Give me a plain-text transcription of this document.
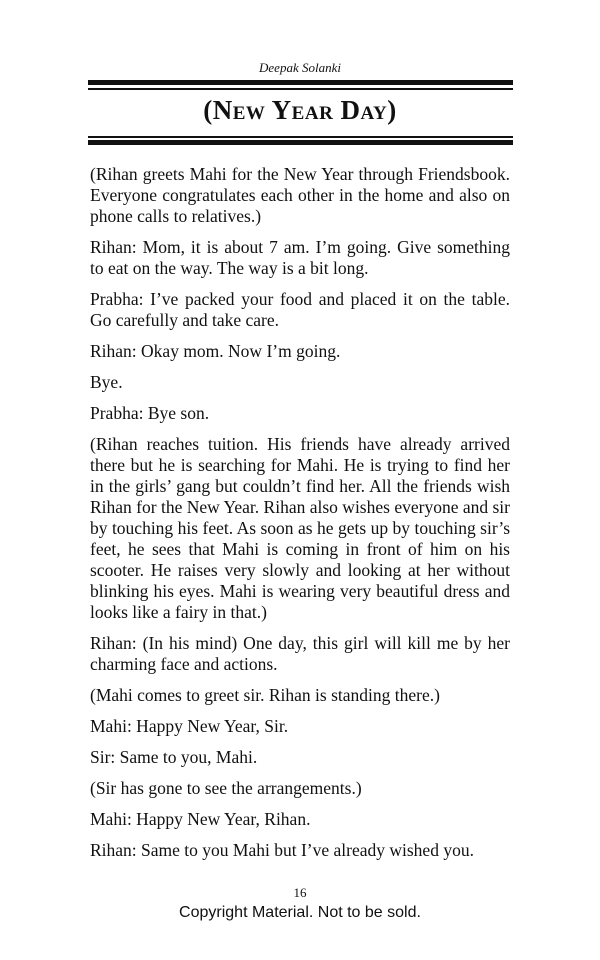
Deepak Solanki
(New Year Day)

(Rihan greets Mahi for the New Year through Friendsbook. Everyone congratulates each other in the home and also on phone calls to relatives.)

Rihan: Mom, it is about 7 am. I’m going. Give something to eat on the way. The way is a bit long.

Prabha: I’ve packed your food and placed it on the table. Go carefully and take care.

Rihan: Okay mom. Now I’m going.

Bye.

Prabha: Bye son.

(Rihan reaches tuition. His friends have already arrived there but he is searching for Mahi. He is trying to find her in the girls’ gang but couldn’t find her. All the friends wish Rihan for the New Year. Rihan also wishes everyone and sir by touching his feet. As soon as he gets up by touching sir’s feet, he sees that Mahi is coming in front of him on his scooter. He raises very slowly and looking at her without blinking his eyes. Mahi is wearing very beautiful dress and looks like a fairy in that.)

Rihan: (In his mind) One day, this girl will kill me by her charming face and actions.

(Mahi comes to greet sir. Rihan is standing there.)

Mahi: Happy New Year, Sir.

Sir: Same to you, Mahi.

(Sir has gone to see the arrangements.)

Mahi: Happy New Year, Rihan.

Rihan: Same to you Mahi but I’ve already wished you.

16
Copyright Material. Not to be sold.
